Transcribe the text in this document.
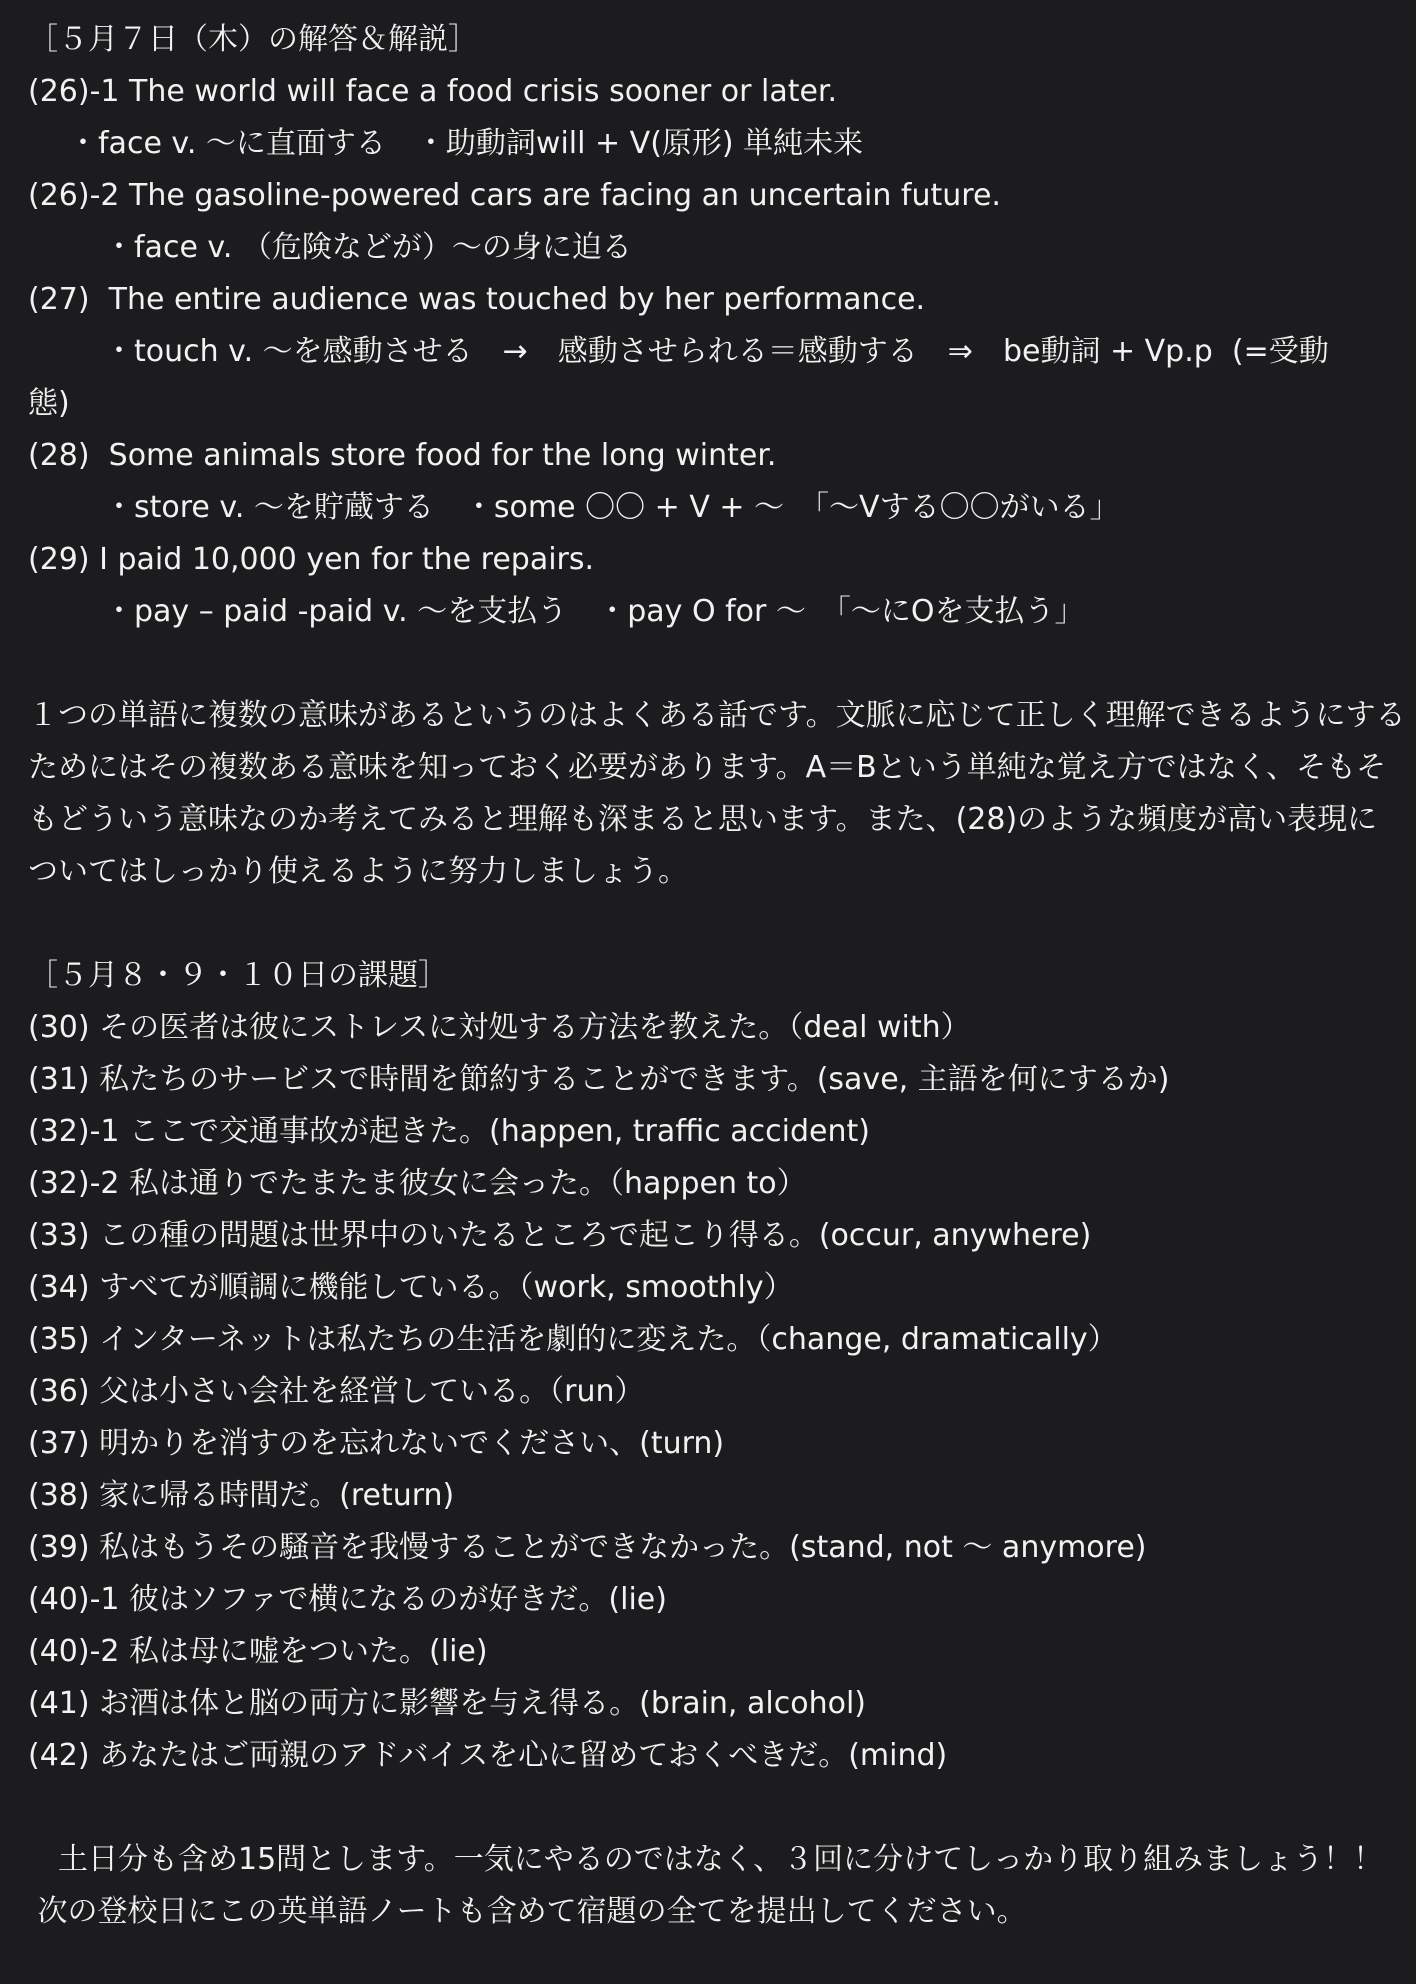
［５月７日（木）の解答＆解説］
(26)-1 The world will face a food crisis sooner or later.
・face v. 〜に直面する　・助動詞will + V(原形) 単純未来
(26)-2 The gasoline-powered cars are facing an uncertain future.
・face v. （危険などが）〜の身に迫る
(27)  The entire audience was touched by her performance.
・touch v. 〜を感動させる　→　感動させられる＝感動する　⇒　be動詞 + Vp.p  (=受動
態)
(28)  Some animals store food for the long winter.
・store v. 〜を貯蔵する　・some 〇〇 + V + 〜　「〜Vする〇〇がいる」
(29) I paid 10,000 yen for the repairs.
・pay – paid -paid v. 〜を支払う　・pay O for 〜　「〜にOを支払う」
１つの単語に複数の意味があるというのはよくある話です。文脈に応じて正しく理解できるようにするためにはその複数ある意味を知っておく必要があります。A＝Bという単純な覚え方ではなく、そもそもどういう意味なのか考えてみると理解も深まると思います。また、(28)のような頻度が高い表現についてはしっかり使えるように努力しましょう。
［５月８・９・１０日の課題］
(30) その医者は彼にストレスに対処する方法を教えた。（deal with）
(31) 私たちのサービスで時間を節約することができます。(save, 主語を何にするか)
(32)-1 ここで交通事故が起きた。(happen, traffic accident)
(32)-2 私は通りでたまたま彼女に会った。（happen to）
(33) この種の問題は世界中のいたるところで起こり得る。(occur, anywhere)
(34) すべてが順調に機能している。（work, smoothly）
(35) インターネットは私たちの生活を劇的に変えた。（change, dramatically）
(36) 父は小さい会社を経営している。（run）
(37) 明かりを消すのを忘れないでください、(turn)
(38) 家に帰る時間だ。(return)
(39) 私はもうその騒音を我慢することができなかった。(stand, not 〜 anymore)
(40)-1 彼はソファで横になるのが好きだ。(lie)
(40)-2 私は母に嘘をついた。(lie)
(41) お酒は体と脳の両方に影響を与え得る。(brain, alcohol)
(42) あなたはご両親のアドバイスを心に留めておくべきだ。(mind)
　土日分も含め15問とします。一気にやるのではなく、３回に分けてしっかり取り組みましょう！！
次の登校日にこの英単語ノートも含めて宿題の全てを提出してください。
